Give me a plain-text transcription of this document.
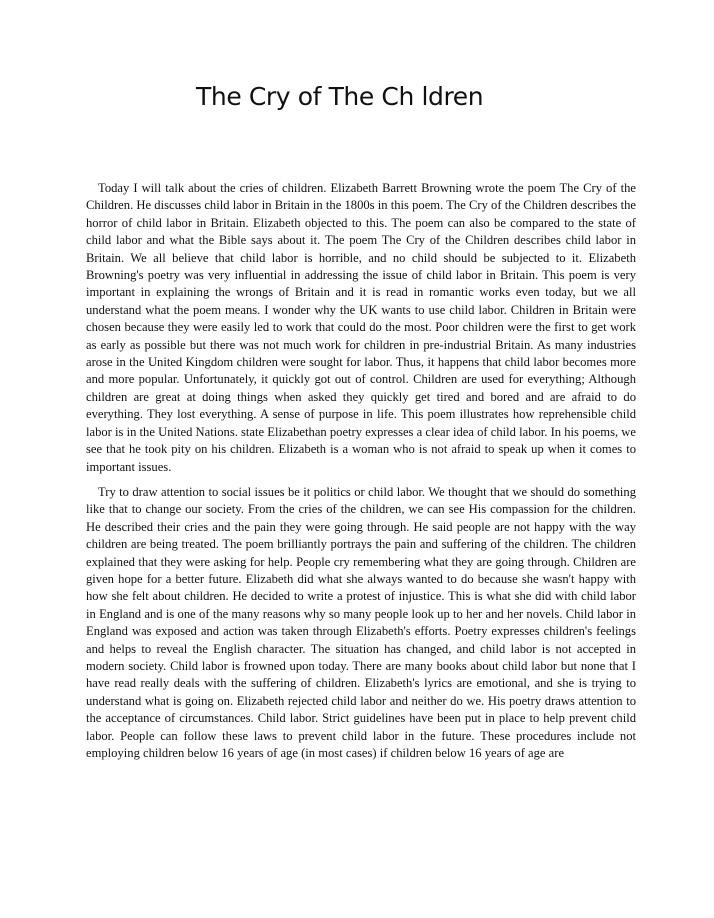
The Cry of The Ch ldren

Today I will talk about the cries of children. Elizabeth Barrett Browning wrote the poem The Cry of the Children. He discusses child labor in Britain in the 1800s in this poem. The Cry of the Children describes the horror of child labor in Britain. Elizabeth objected to this. The poem can also be compared to the state of child labor and what the Bible says about it. The poem The Cry of the Children describes child labor in Britain. We all believe that child labor is horrible, and no child should be subjected to it. Elizabeth Browning's poetry was very influential in addressing the issue of child labor in Britain. This poem is very important in explaining the wrongs of Britain and it is read in romantic works even today, but we all understand what the poem means. I wonder why the UK wants to use child labor. Children in Britain were chosen because they were easily led to work that could do the most. Poor children were the first to get work as early as possible but there was not much work for children in pre-industrial Britain. As many industries arose in the United Kingdom children were sought for labor. Thus, it happens that child labor becomes more and more popular. Unfortunately, it quickly got out of control. Children are used for everything; Although children are great at doing things when asked they quickly get tired and bored and are afraid to do everything. They lost everything. A sense of purpose in life. This poem illustrates how reprehensible child labor is in the United Nations. state Elizabethan poetry expresses a clear idea of child labor. In his poems, we see that he took pity on his children. Elizabeth is a woman who is not afraid to speak up when it comes to important issues.

Try to draw attention to social issues be it politics or child labor. We thought that we should do something like that to change our society. From the cries of the children, we can see His compassion for the children. He described their cries and the pain they were going through. He said people are not happy with the way children are being treated. The poem brilliantly portrays the pain and suffering of the children. The children explained that they were asking for help. People cry remembering what they are going through. Children are given hope for a better future. Elizabeth did what she always wanted to do because she wasn't happy with how she felt about children. He decided to write a protest of injustice. This is what she did with child labor in England and is one of the many reasons why so many people look up to her and her novels. Child labor in England was exposed and action was taken through Elizabeth's efforts. Poetry expresses children's feelings and helps to reveal the English character. The situation has changed, and child labor is not accepted in modern society. Child labor is frowned upon today. There are many books about child labor but none that I have read really deals with the suffering of children. Elizabeth's lyrics are emotional, and she is trying to understand what is going on. Elizabeth rejected child labor and neither do we. His poetry draws attention to the acceptance of circumstances. Child labor. Strict guidelines have been put in place to help prevent child labor. People can follow these laws to prevent child labor in the future. These procedures include not employing children below 16 years of age (in most cases) if children below 16 years of age are
